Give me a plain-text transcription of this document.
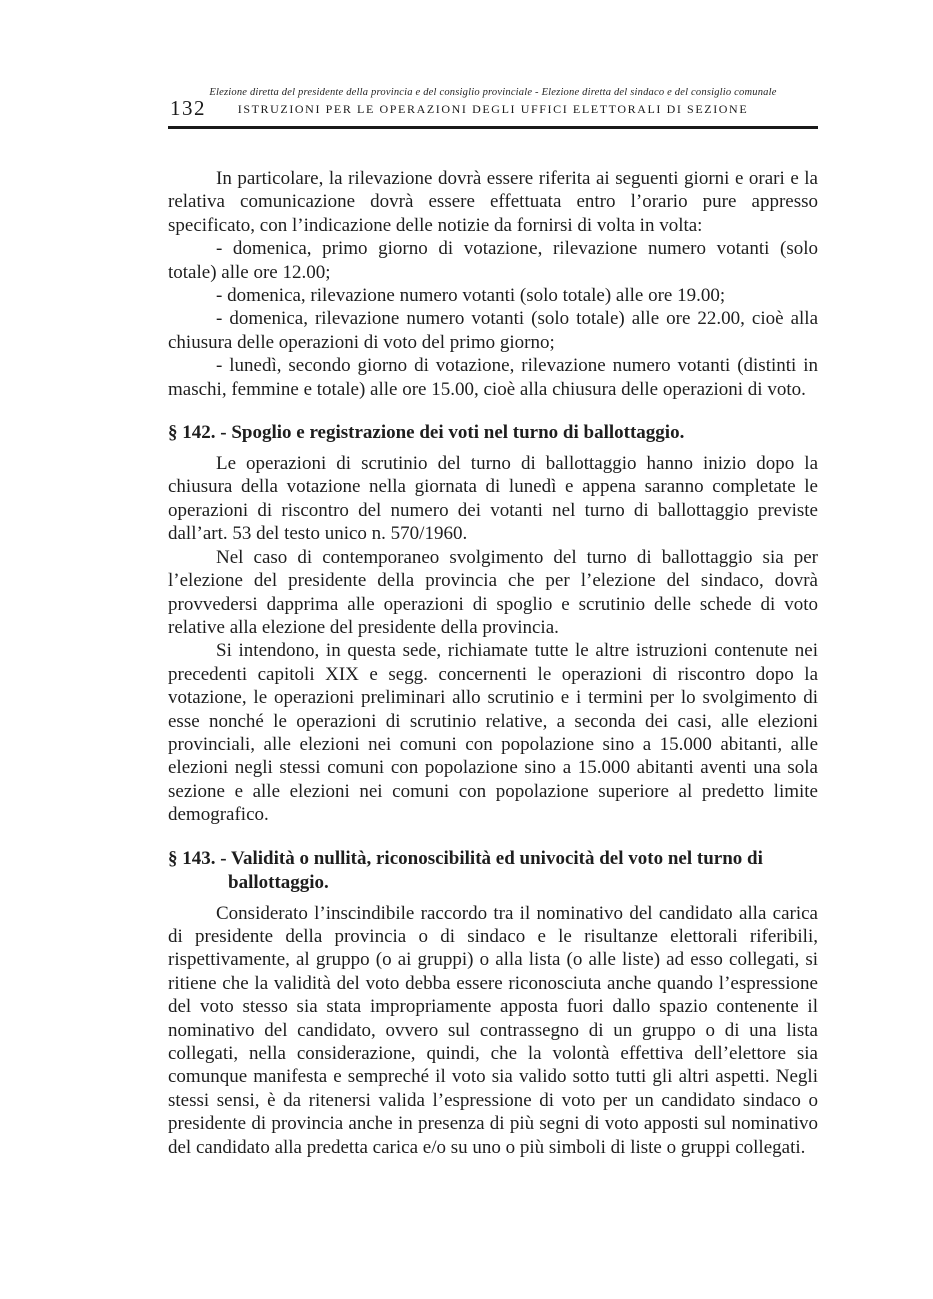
Elezione diretta del presidente della provincia e del consiglio provinciale - Elezione diretta del sindaco e del consiglio comunale
ISTRUZIONI PER LE OPERAZIONI DEGLI UFFICI ELETTORALI DI SEZIONE
132
In particolare, la rilevazione dovrà essere riferita ai seguenti giorni e orari e la relativa comunicazione dovrà essere effettuata entro l’orario pure appresso specificato, con l’indicazione delle notizie da fornirsi di volta in volta:
- domenica, primo giorno di votazione, rilevazione numero votanti (solo totale) alle ore 12.00;
- domenica, rilevazione numero votanti (solo totale) alle ore 19.00;
- domenica, rilevazione numero votanti (solo totale) alle ore 22.00, cioè alla chiusura delle operazioni di voto del primo giorno;
- lunedì, secondo giorno di votazione, rilevazione numero votanti (distinti in maschi, femmine e totale) alle ore 15.00, cioè alla chiusura delle operazioni di voto.
§ 142. - Spoglio e registrazione dei voti nel turno di ballottaggio.
Le operazioni di scrutinio del turno di ballottaggio hanno inizio dopo la chiusura della votazione nella giornata di lunedì e appena saranno completate le operazioni di riscontro del numero dei votanti nel turno di ballottaggio previste dall’art. 53 del testo unico n. 570/1960.
Nel caso di contemporaneo svolgimento del turno di ballottaggio sia per l’elezione del presidente della provincia che per l’elezione del sindaco, dovrà provvedersi dapprima alle operazioni di spoglio e scrutinio delle schede di voto relative alla elezione del presidente della provincia.
Si intendono, in questa sede, richiamate tutte le altre istruzioni contenute nei precedenti capitoli XIX e segg. concernenti le operazioni di riscontro dopo la votazione, le operazioni preliminari allo scrutinio e i termini per lo svolgimento di esse nonché le operazioni di scrutinio relative, a seconda dei casi, alle elezioni provinciali, alle elezioni nei comuni con popolazione sino a 15.000 abitanti, alle elezioni negli stessi comuni con popolazione sino a 15.000 abitanti aventi una sola sezione e alle elezioni nei comuni con popolazione superiore al predetto limite demografico.
§ 143. - Validità o nullità, riconoscibilità ed univocità del voto nel turno di ballottaggio.
Considerato l’inscindibile raccordo tra il nominativo del candidato alla carica di presidente della provincia o di sindaco e le risultanze elettorali riferibili, rispettivamente, al gruppo (o ai gruppi) o alla lista (o alle liste) ad esso collegati, si ritiene che la validità del voto debba essere riconosciuta anche quando l’espressione del voto stesso sia stata impropriamente apposta fuori dallo spazio contenente il nominativo del candidato, ovvero sul contrassegno di un gruppo o di una lista collegati, nella considerazione, quindi, che la volontà effettiva dell’elettore sia comunque manifesta e sempreché il voto sia valido sotto tutti gli altri aspetti. Negli stessi sensi, è da ritenersi valida l’espressione di voto per un candidato sindaco o presidente di provincia anche in presenza di più segni di voto apposti sul nominativo del candidato alla predetta carica e/o su uno o più simboli di liste o gruppi collegati.
